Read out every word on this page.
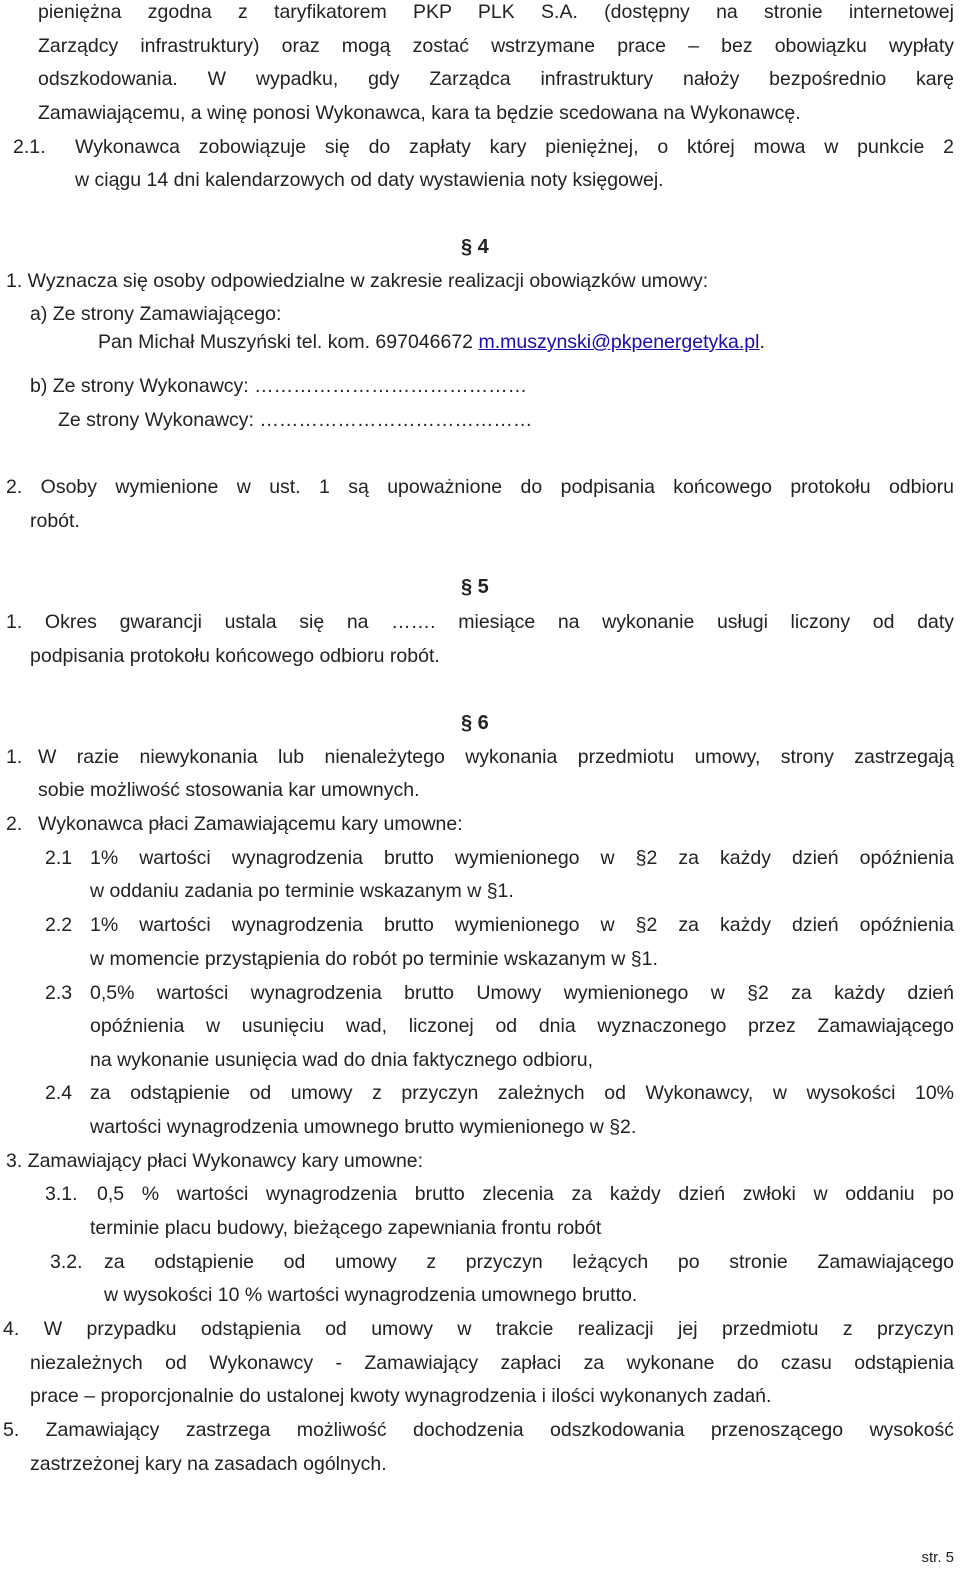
pieniężna zgodna z taryfikatorem PKP PLK S.A. (dostępny na stronie internetowej
Zarządcy infrastruktury) oraz mogą zostać wstrzymane prace – bez obowiązku wypłaty
odszkodowania. W wypadku, gdy Zarządca infrastruktury nałoży bezpośrednio karę
Zamawiającemu, a winę ponosi Wykonawca, kara ta będzie scedowana na Wykonawcę.
2.1. Wykonawca zobowiązuje się do zapłaty kary pieniężnej, o której mowa w punkcie 2
w ciągu 14 dni kalendarzowych od daty wystawienia noty księgowej.
§ 4
1. Wyznacza się osoby odpowiedzialne w zakresie realizacji obowiązków umowy:
a) Ze strony Zamawiającego:
Pan Michał Muszyński tel. kom. 697046672 m.muszynski@pkpenergetyka.pl.
b) Ze strony Wykonawcy: ……………………………………
Ze strony Wykonawcy: ……………………………………
2. Osoby wymienione w ust. 1 są upoważnione do podpisania końcowego protokołu odbioru
robót.
§ 5
1. Okres gwarancji ustala się na ……. miesiące na wykonanie usługi liczony od daty
podpisania protokołu końcowego odbioru robót.
§ 6
1. W razie niewykonania lub nienależytego wykonania przedmiotu umowy, strony zastrzegają
sobie możliwość stosowania kar umownych.
2. Wykonawca płaci Zamawiającemu kary umowne:
2.1 1% wartości wynagrodzenia brutto wymienionego w §2 za każdy dzień opóźnienia
w oddaniu zadania po terminie wskazanym w §1.
2.2 1% wartości wynagrodzenia brutto wymienionego w §2 za każdy dzień opóźnienia
w momencie przystąpienia do robót po terminie wskazanym w §1.
2.3 0,5% wartości wynagrodzenia brutto Umowy wymienionego w §2 za każdy dzień
opóźnienia w usunięciu wad, liczonej od dnia wyznaczonego przez Zamawiającego
na wykonanie usunięcia wad do dnia faktycznego odbioru,
2.4 za odstąpienie od umowy z przyczyn zależnych od Wykonawcy, w wysokości 10%
wartości wynagrodzenia umownego brutto wymienionego w §2.
3. Zamawiający płaci Wykonawcy kary umowne:
3.1. 0,5 % wartości wynagrodzenia brutto zlecenia za każdy dzień zwłoki w oddaniu po
terminie placu budowy, bieżącego zapewniania frontu robót
3.2. za odstąpienie od umowy z przyczyn leżących po stronie Zamawiającego
w wysokości 10 % wartości wynagrodzenia umownego brutto.
4. W przypadku odstąpienia od umowy w trakcie realizacji jej przedmiotu z przyczyn
niezależnych od Wykonawcy - Zamawiający zapłaci za wykonane do czasu odstąpienia
prace – proporcjonalnie do ustalonej kwoty wynagrodzenia i ilości wykonanych zadań.
5. Zamawiający zastrzega możliwość dochodzenia odszkodowania przenoszącego wysokość
zastrzeżonej kary na zasadach ogólnych.
str. 5
